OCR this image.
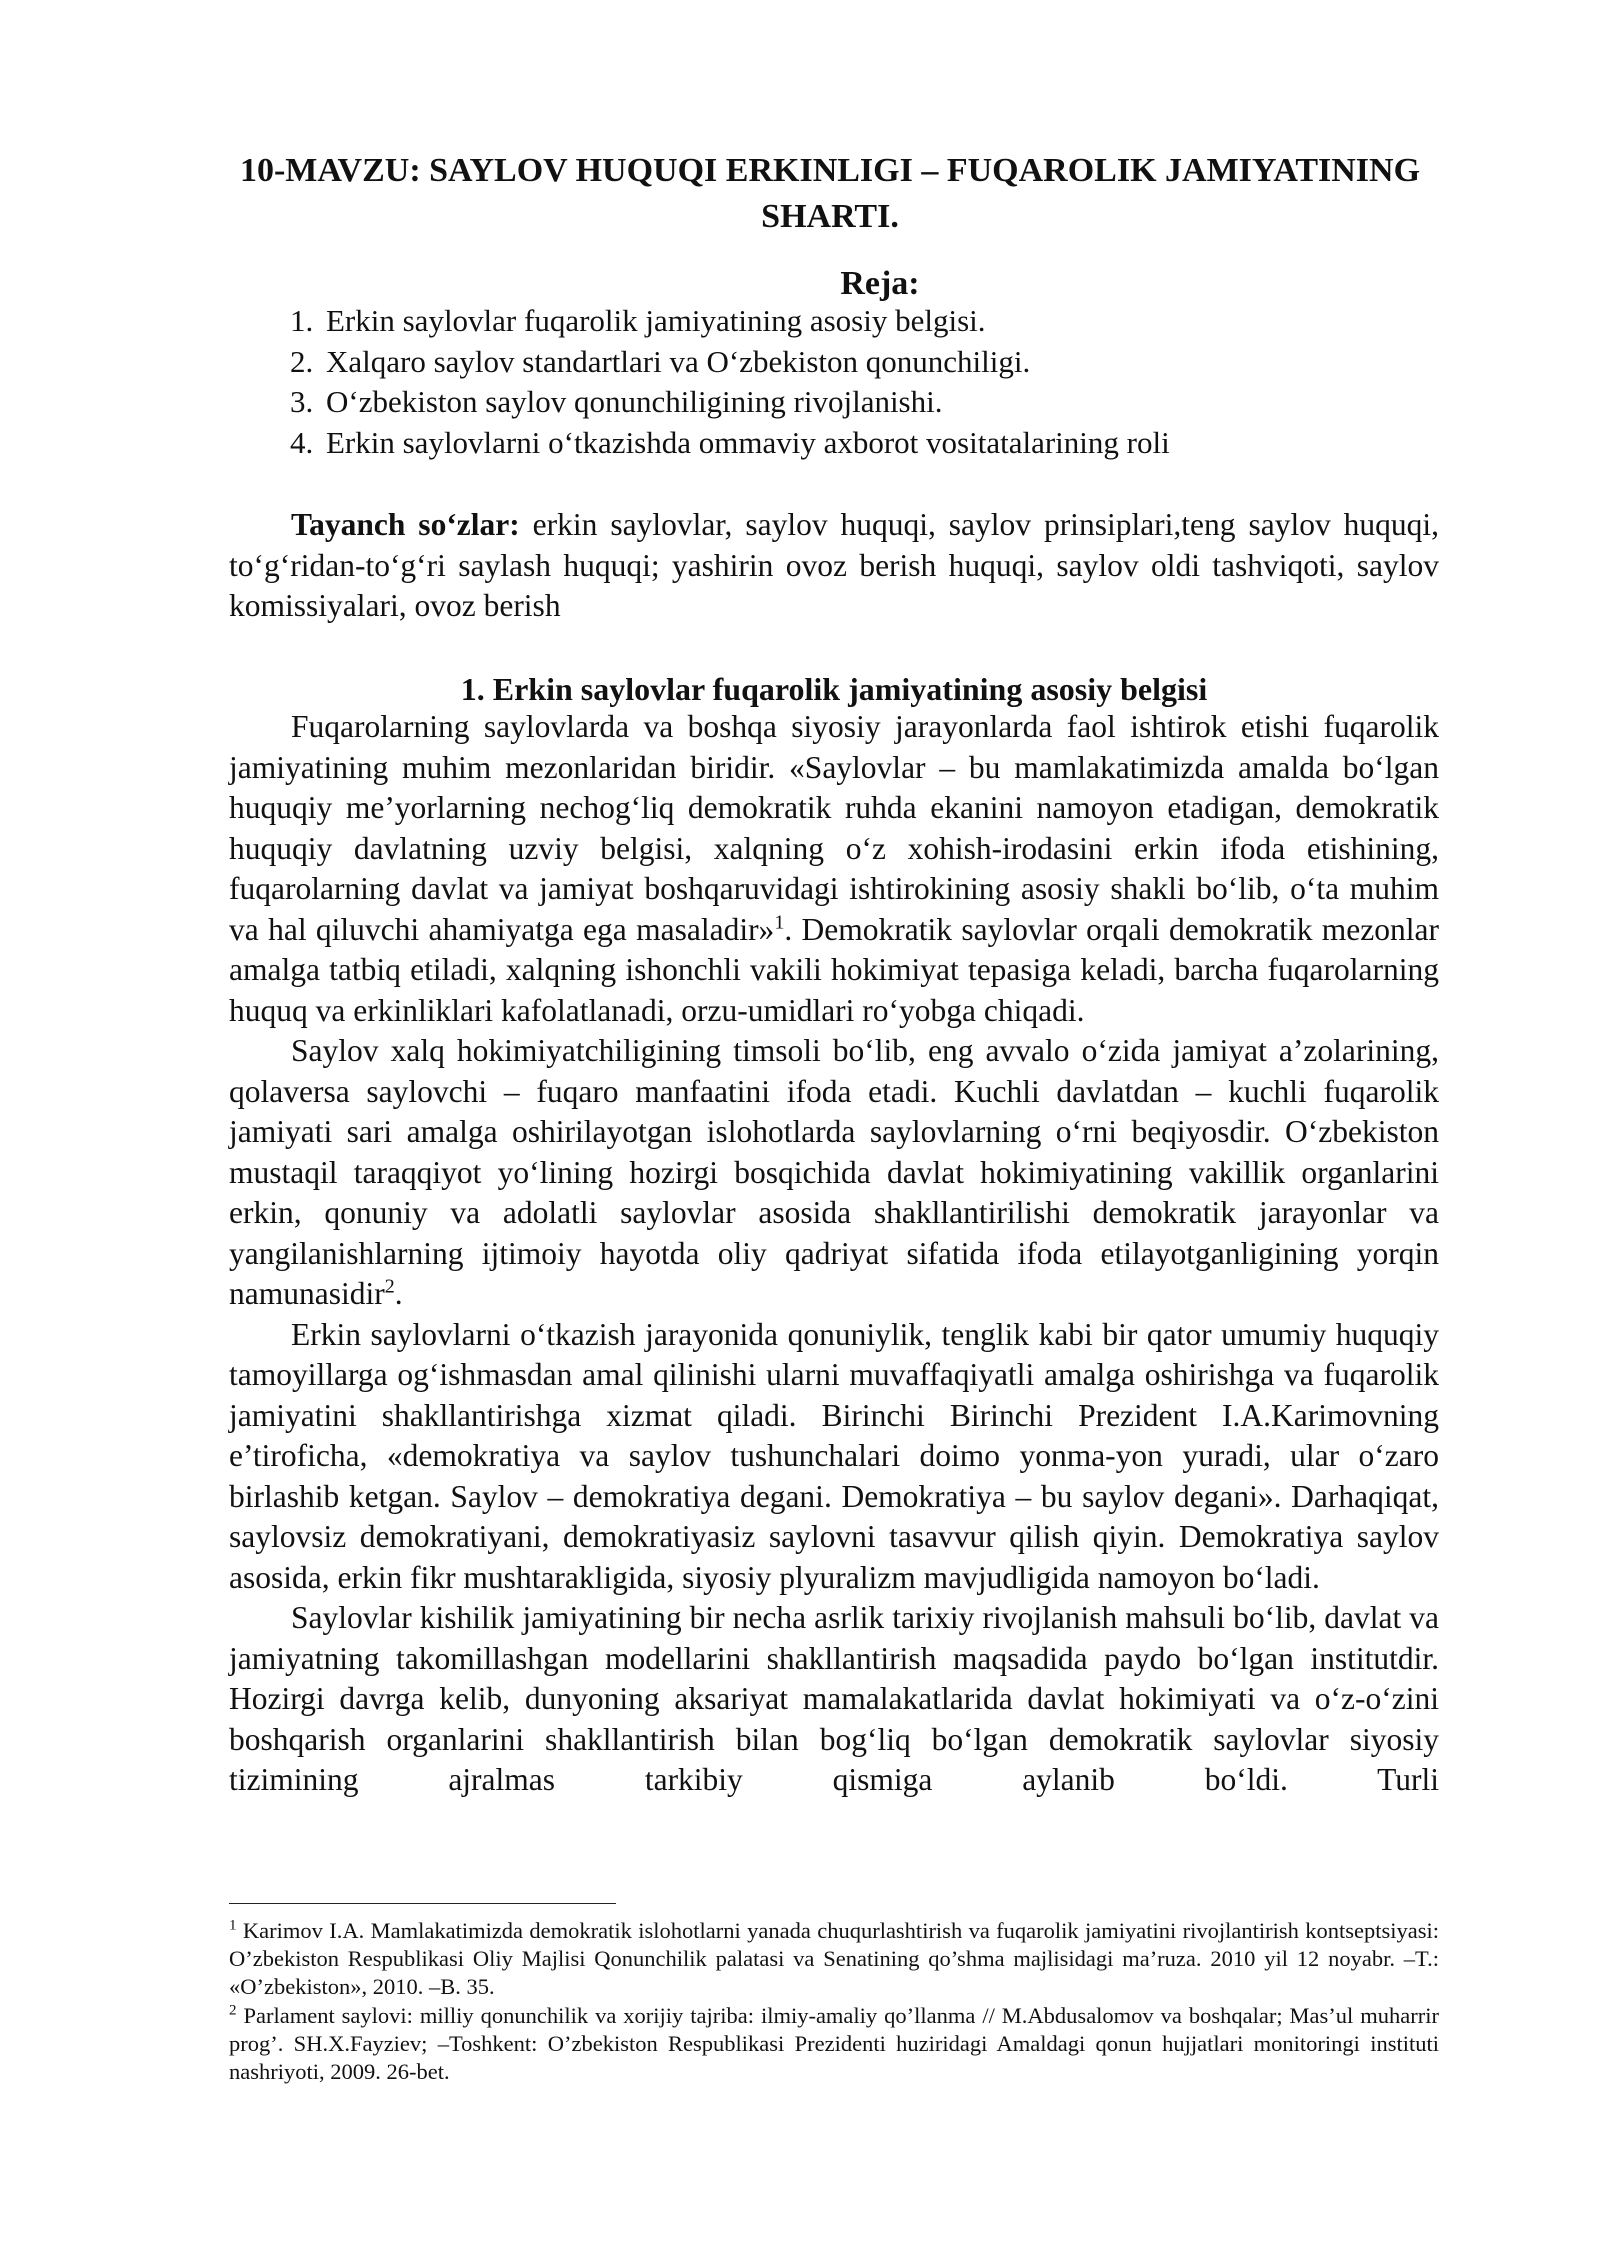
10-MAVZU: SAYLOV HUQUQI ERKINLIGI – FUQAROLIK JAMIYATINING SHARTI.
Reja:
1. Erkin saylovlar fuqarolik jamiyatining asosiy belgisi.
2. Xalqaro saylov standartlari va O‘zbekiston qonunchiligi.
3. O‘zbekiston saylov qonunchiligining rivojlanishi.
4. Erkin saylovlarni o‘tkazishda ommaviy axborot vositatalarining roli

Tayanch so‘zlar: erkin saylovlar, saylov huquqi, saylov prinsiplari,teng saylov huquqi, to‘g‘ridan-to‘g‘ri saylash huquqi; yashirin ovoz berish huquqi, saylov oldi tashviqoti, saylov komissiyalari, ovoz berish

1. Erkin saylovlar fuqarolik jamiyatining asosiy belgisi

Fuqarolarning saylovlarda va boshqa siyosiy jarayonlarda faol ishtirok etishi fuqarolik jamiyatining muhim mezonlaridan biridir. «Saylovlar – bu mamlakatimizda amalda bo‘lgan huquqiy me’yorlarning nechog‘liq demokratik ruhda ekanini namoyon etadigan, demokratik huquqiy davlatning uzviy belgisi, xalqning o‘z xohish-irodasini erkin ifoda etishining, fuqarolarning davlat va jamiyat boshqaruvidagi ishtirokining asosiy shakli bo‘lib, o‘ta muhim va hal qiluvchi ahamiyatga ega masaladir»$^1$. Demokratik saylovlar orqali demokratik mezonlar amalga tatbiq etiladi, xalqning ishonchli vakili hokimiyat tepasiga keladi, barcha fuqarolarning huquq va erkinliklari kafolatlanadi, orzu-umidlari ro‘yobga chiqadi.

Saylov xalq hokimiyatchiligining timsoli bo‘lib, eng avvalo o‘zida jamiyat a’zolarining, qolaversa saylovchi – fuqaro manfaatini ifoda etadi. Kuchli davlatdan – kuchli fuqarolik jamiyati sari amalga oshirilayotgan islohotlarda saylovlarning o‘rni beqiyosdir. O‘zbekiston mustaqil taraqqiyot yo‘lining hozirgi bosqichida davlat hokimiyatining vakillik organlarini erkin, qonuniy va adolatli saylovlar asosida shakllantirilishi demokratik jarayonlar va yangilanishlarning ijtimoiy hayotda oliy qadriyat sifatida ifoda etilayotganligining yorqin namunasidir$^2$.

Erkin saylovlarni o‘tkazish jarayonida qonuniylik, tenglik kabi bir qator umumiy huquqiy tamoyillarga og‘ishmasdan amal qilinishi ularni muvaffaqiyatli amalga oshirishga va fuqarolik jamiyatini shakllantirishga xizmat qiladi. Birinchi Birinchi Prezident I.A.Karimovning e’tiroficha, «demokratiya va saylov tushunchalari doimo yonma-yon yuradi, ular o‘zaro birlashib ketgan. Saylov – demokratiya degani. Demokratiya – bu saylov degani». Darhaqiqat, saylovsiz demokratiyani, demokratiyasiz saylovni tasavvur qilish qiyin. Demokratiya saylov asosida, erkin fikr mushtarakligida, siyosiy plyuralizm mavjudligida namoyon bo‘ladi.

Saylovlar kishilik jamiyatining bir necha asrlik tarixiy rivojlanish mahsuli bo‘lib, davlat va jamiyatning takomillashgan modellarini shakllantirish maqsadida paydo bo‘lgan institutdir. Hozirgi davrga kelib, dunyoning aksariyat mamalakatlarida davlat hokimiyati va o‘z-o‘zini boshqarish organlarini shakllantirish bilan bog‘liq bo‘lgan demokratik saylovlar siyosiy tizimining ajralmas tarkibiy qismiga aylanib bo‘ldi. Turli

$^1$ Karimov I.A. Mamlakatimizda demokratik islohotlarni yanada chuqurlashtirish va fuqarolik jamiyatini rivojlantirish kontseptsiyasi: O’zbekiston Respublikasi Oliy Majlisi Qonunchilik palatasi va Senatining qo’shma majlisidagi ma’ruza. 2010 yil 12 noyabr. –T.: «O’zbekiston», 2010. –B. 35.

$^2$ Parlament saylovi: milliy qonunchilik va xorijiy tajriba: ilmiy-amaliy qo’llanma // M.Abdusalomov va boshqalar; Mas’ul muharrir prog’. SH.X.Fayziev; –Toshkent: O’zbekiston Respublikasi Prezidenti huziridagi Amaldagi qonun hujjatlari monitoringi instituti nashriyoti, 2009. 26-bet.
